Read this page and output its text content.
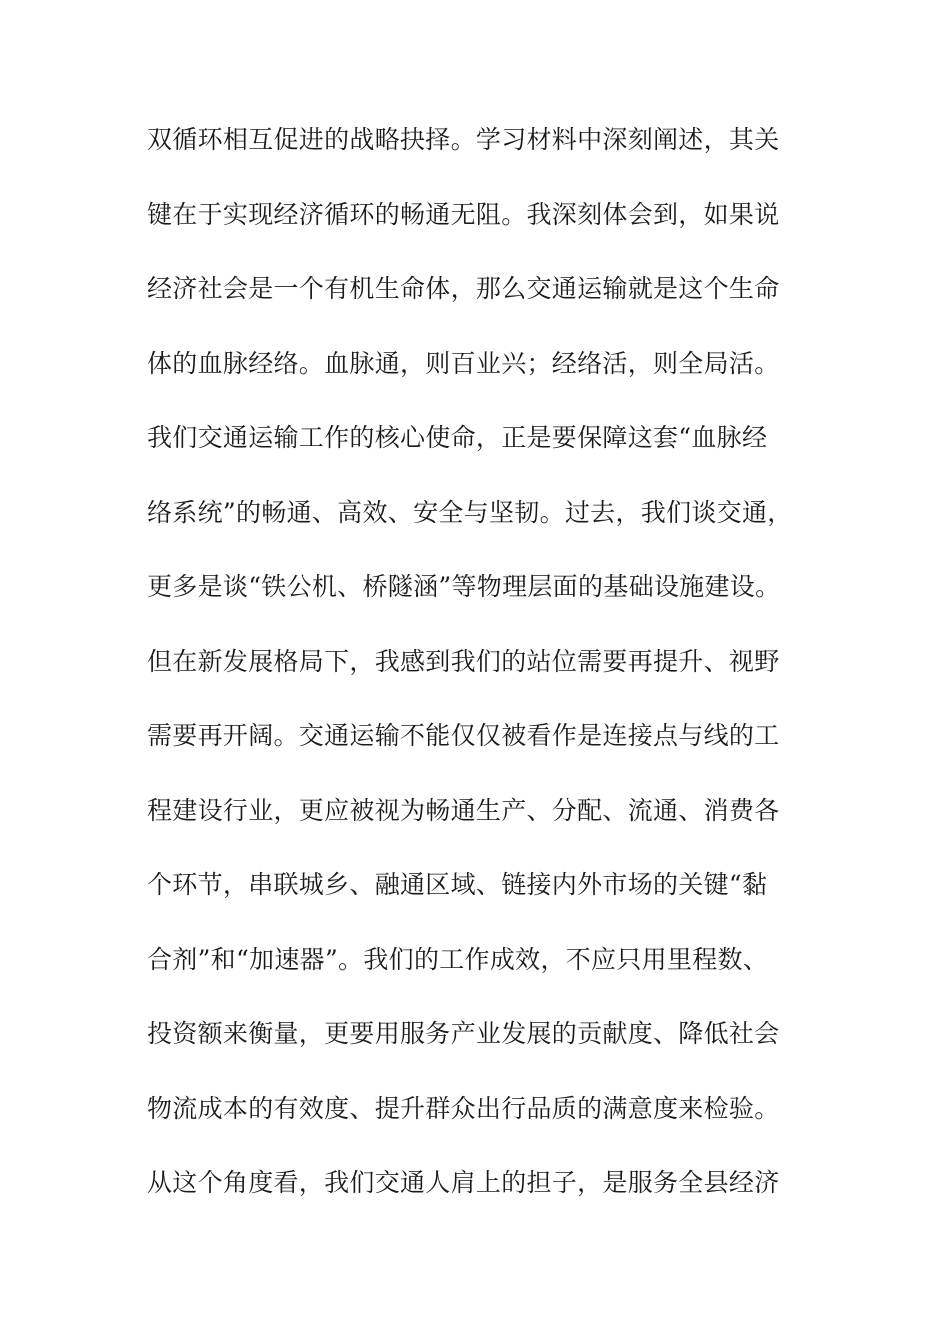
双循环相互促进的战略抉择。学习材料中深刻阐述，其关
键在于实现经济循环的畅通无阻。我深刻体会到，如果说
经济社会是一个有机生命体，那么交通运输就是这个生命
体的血脉经络。血脉通，则百业兴；经络活，则全局活。
我们交通运输工作的核心使命，正是要保障这套“血脉经
络系统”的畅通、高效、安全与坚韧。过去，我们谈交通，
更多是谈“铁公机、桥隧涵”等物理层面的基础设施建设。
但在新发展格局下，我感到我们的站位需要再提升、视野
需要再开阔。交通运输不能仅仅被看作是连接点与线的工
程建设行业，更应被视为畅通生产、分配、流通、消费各
个环节，串联城乡、融通区域、链接内外市场的关键“黏
合剂”和“加速器”。我们的工作成效，不应只用里程数、
投资额来衡量，更要用服务产业发展的贡献度、降低社会
物流成本的有效度、提升群众出行品质的满意度来检验。
从这个角度看，我们交通人肩上的担子，是服务全县经济
